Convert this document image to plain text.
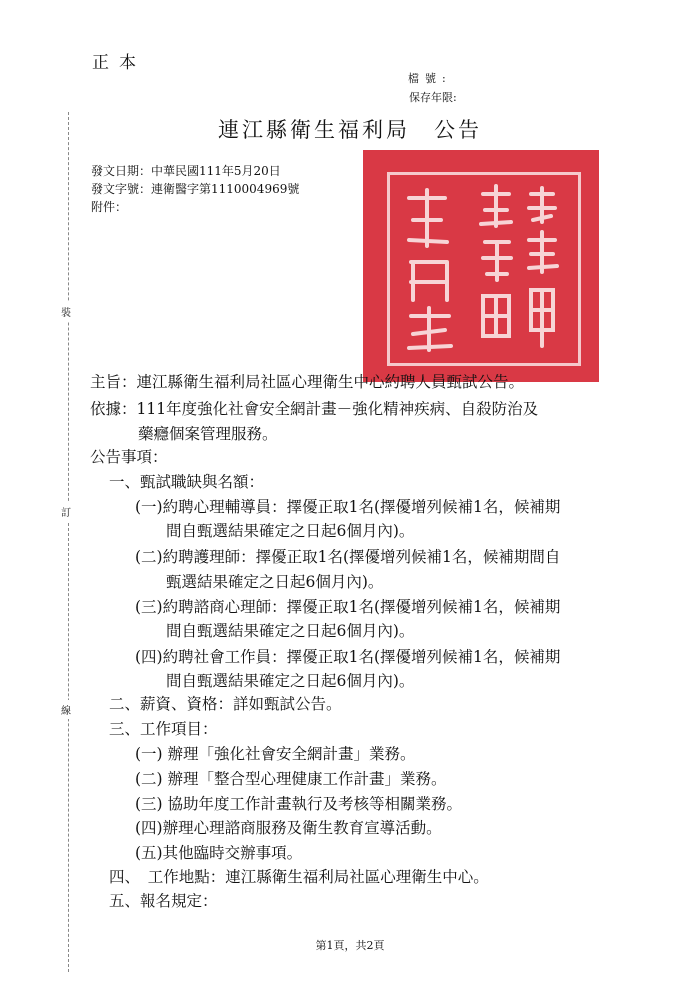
正本
檔號:
保存年限:
裝
訂
線
連江縣衛生福利局　公告
發文日期：中華民國111年5月20日
發文字號：連衛醫字第1110004969號
附件：
主旨：連江縣衛生福利局社區心理衛生中心約聘人員甄試公告。
依據：111年度強化社會安全網計畫－強化精神疾病、自殺防治及
藥癮個案管理服務。
公告事項：
一、甄試職缺與名額：
(一)約聘心理輔導員：擇優正取1名(擇優增列候補1名，候補期
間自甄選結果確定之日起6個月內)。
(二)約聘護理師：擇優正取1名(擇優增列候補1名，候補期間自
甄選結果確定之日起6個月內)。
(三)約聘諮商心理師：擇優正取1名(擇優增列候補1名，候補期
間自甄選結果確定之日起6個月內)。
(四)約聘社會工作員：擇優正取1名(擇優增列候補1名，候補期
間自甄選結果確定之日起6個月內)。
二、薪資、資格：詳如甄試公告。
三、工作項目：
(一) 辦理「強化社會安全網計畫」業務。
(二) 辦理「整合型心理健康工作計畫」業務。
(三) 協助年度工作計畫執行及考核等相關業務。
(四)辦理心理諮商服務及衛生教育宣導活動。
(五)其他臨時交辦事項。
四、　工作地點：連江縣衛生福利局社區心理衛生中心。
五、報名規定：
第1頁，共2頁
